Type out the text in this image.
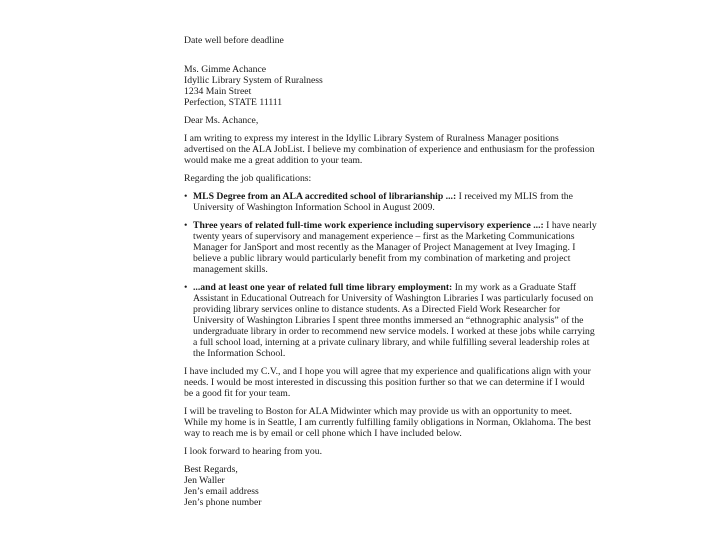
Date well before deadline
Ms. Gimme Achance
Idyllic Library System of Ruralness
1234 Main Street
Perfection, STATE 11111
Dear Ms. Achance,
I am writing to express my interest in the Idyllic Library System of Ruralness Manager positions
advertised on the ALA JobList. I believe my combination of experience and enthusiasm for the profession
would make me a great addition to your team.
Regarding the job qualifications:
• MLS Degree from an ALA accredited school of librarianship ...: I received my MLIS from the
University of Washington Information School in August 2009.
• Three years of related full-time work experience including supervisory experience ...: I have nearly
twenty years of supervisory and management experience – first as the Marketing Communications
Manager for JanSport and most recently as the Manager of Project Management at Ivey Imaging. I
believe a public library would particularly benefit from my combination of marketing and project
management skills.
• ...and at least one year of related full time library employment: In my work as a Graduate Staff
Assistant in Educational Outreach for University of Washington Libraries I was particularly focused on
providing library services online to distance students. As a Directed Field Work Researcher for
University of Washington Libraries I spent three months immersed an “ethnographic analysis” of the
undergraduate library in order to recommend new service models. I worked at these jobs while carrying
a full school load, interning at a private culinary library, and while fulfilling several leadership roles at
the Information School.
I have included my C.V., and I hope you will agree that my experience and qualifications align with your
needs. I would be most interested in discussing this position further so that we can determine if I would
be a good fit for your team.
I will be traveling to Boston for ALA Midwinter which may provide us with an opportunity to meet.
While my home is in Seattle, I am currently fulfilling family obligations in Norman, Oklahoma. The best
way to reach me is by email or cell phone which I have included below.
I look forward to hearing from you.
Best Regards,
Jen Waller
Jen’s email address
Jen’s phone number
